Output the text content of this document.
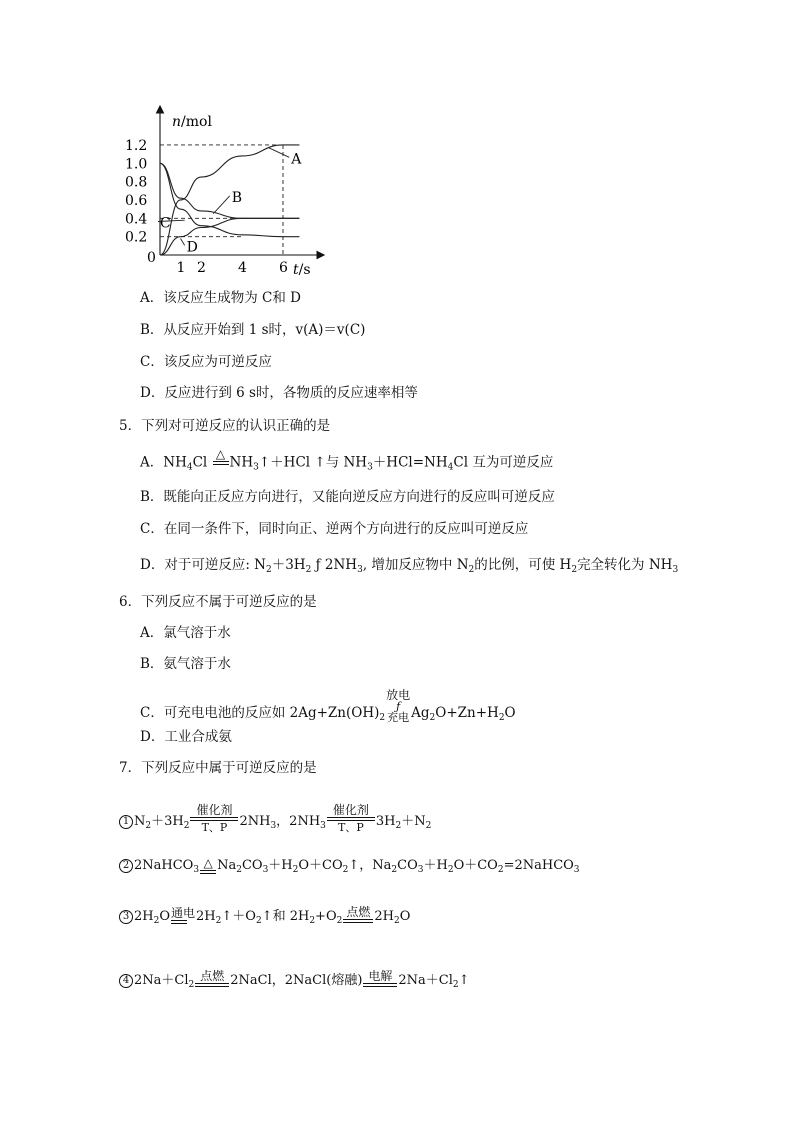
1.2
1.0
0.8
0.6
0.4
0.2
1 2 4 6
n/mol
t/s
0
A
B
C
D
A．该反应生成物为 C和 D
B．从反应开始到 1 s时，v(A)＝v(C)
C．该反应为可逆反应
D．反应进行到 6 s时，各物质的反应速率相等
5．下列对可逆反应的认识正确的是
A．$NH_4Cl$
△

$NH_3↑+HCl$ ↑与 $NH_3+HCl=NH_4Cl$ 互为可逆反应
B．既能向正反应方向进行，又能向逆反应方向进行的反应叫可逆反应
C．在同一条件下，同时向正、逆两个方向进行的反应叫可逆反应
D．对于可逆反应: $N_2+3H_2$ ƒ $2NH_3$, 增加反应物中 $N_2$的比例，可使 $H_2$完全转化为 $NH_3$
6．下列反应不属于可逆反应的是
A．氯气溶于水
B．氨气溶于水
C．可充电电池的反应如 $2Ag+Zn(OH)_2$
放电
ƒ
充电 $Ag_2O+Zn+H_2O$
D．工业合成氨
7．下列反应中属于可逆反应的是
1 $N_2+3H_2$
催化剂
T、P $2NH_3$，$2NH_3$
催化剂
T、P $3H_2+N_2$
2 2NaHCO$_3$ △ $Na_2CO_3+H_2O+CO_2↑$，$Na_2CO_3+H_2O+CO_2=2NaHCO_3$
3 $2H_2O$ 通电 $2H_2↑+O_2↑$和 $2H_2+O_2$
点燃 $2H_2O$
4 $2Na+Cl_2$
点燃 2NaCl，2NaCl(熔融) 电解 $2Na+Cl_2↑$
